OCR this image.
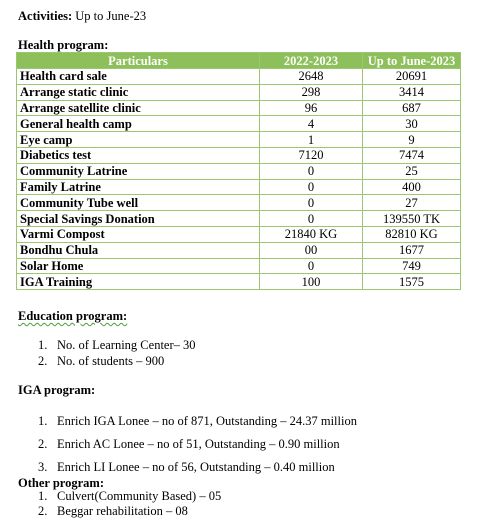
Activities: Up to June-23
Health program:
Particulars	2022-2023	Up to June-2023
Health card sale	2648	20691
Arrange static clinic	298	3414
Arrange satellite clinic	96	687
General health camp	4	30
Eye camp	1	9
Diabetics test	7120	7474
Community Latrine	0	25
Family Latrine	0	400
Community Tube well	0	27
Special Savings Donation	0	139550 TK
Varmi Compost	21840 KG	82810 KG
Bondhu Chula	00	1677
Solar Home	0	749
IGA Training	100	1575
Education program:
1. No. of Learning Center– 30
2. No. of students – 900
IGA program:
1. Enrich IGA Lonee – no of 871, Outstanding – 24.37 million
2. Enrich AC Lonee – no of 51, Outstanding – 0.90 million
3. Enrich LI Lonee – no of 56, Outstanding – 0.40 million
Other program:
1. Culvert(Community Based) – 05
2. Beggar rehabilitation – 08
